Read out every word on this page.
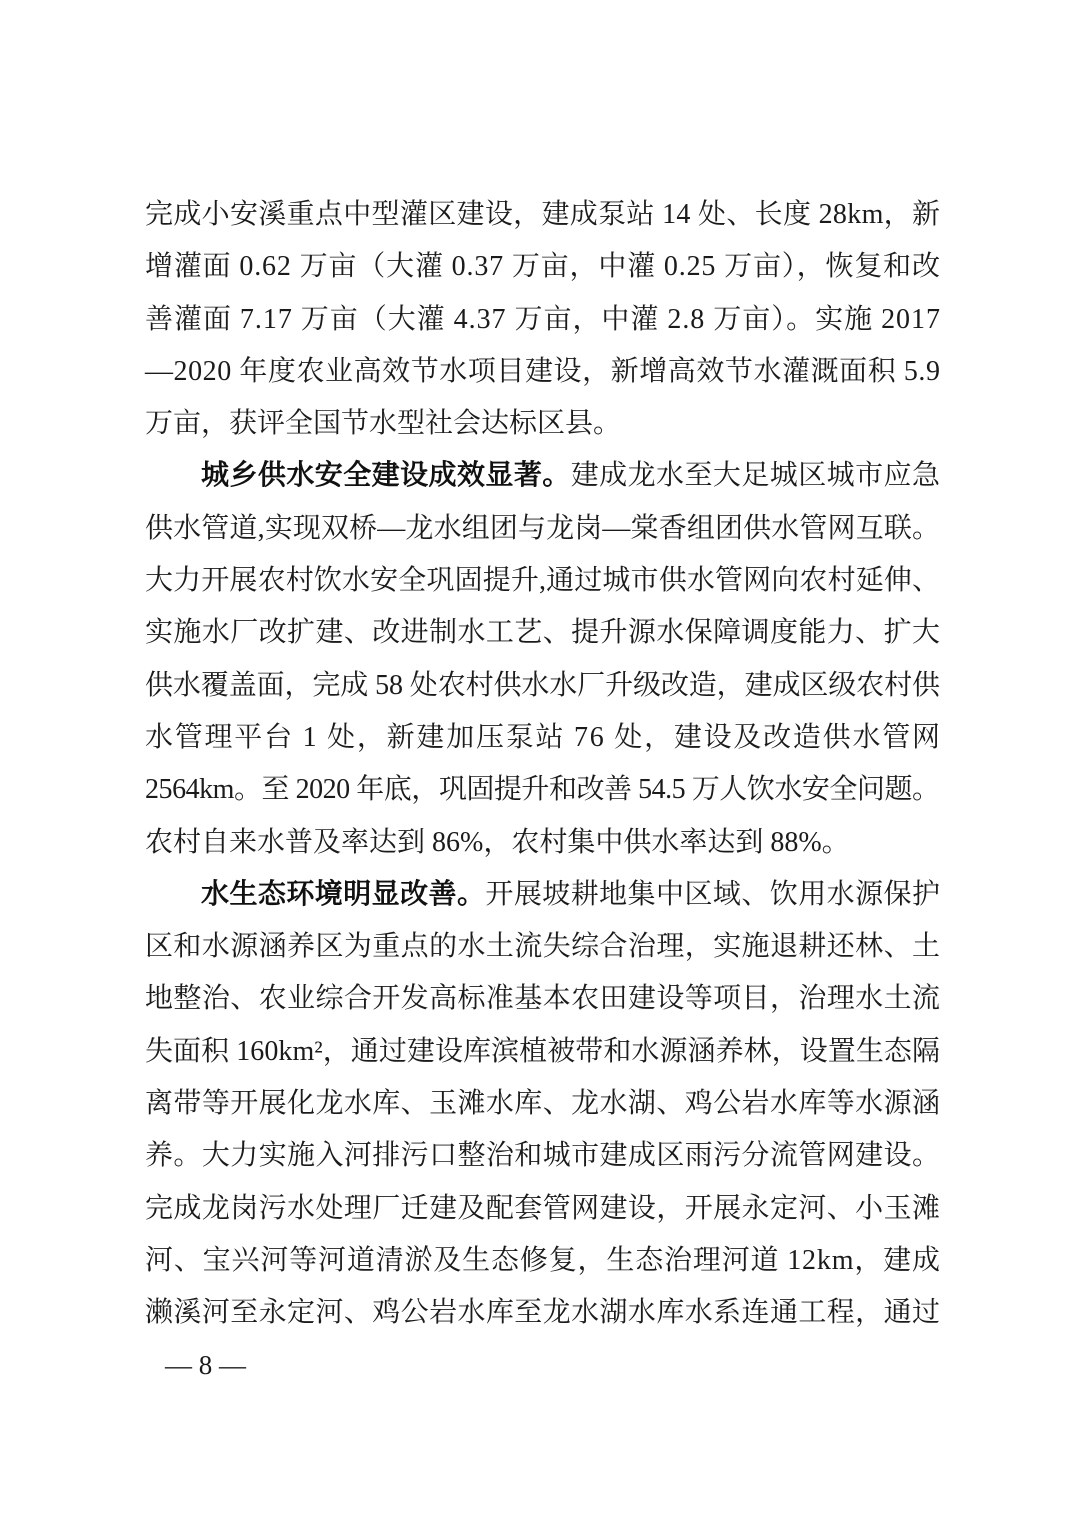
完成小安溪重点中型灌区建设，建成泵站 14 处、长度 28km，新
增灌面 0.62 万亩（大灌 0.37 万亩，中灌 0.25 万亩），恢复和改
善灌面 7.17 万亩（大灌 4.37 万亩，中灌 2.8 万亩）。实施 2017
—2020 年度农业高效节水项目建设，新增高效节水灌溉面积 5.9
万亩，获评全国节水型社会达标区县。
城乡供水安全建设成效显著。建成龙水至大足城区城市应急
供水管道,实现双桥—龙水组团与龙岗—棠香组团供水管网互联。
大力开展农村饮水安全巩固提升,通过城市供水管网向农村延伸、
实施水厂改扩建、改进制水工艺、提升源水保障调度能力、扩大
供水覆盖面，完成 58 处农村供水水厂升级改造，建成区级农村供
水管理平台 1 处，新建加压泵站 76 处，建设及改造供水管网
2564km。至 2020 年底，巩固提升和改善 54.5 万人饮水安全问题。
农村自来水普及率达到 86%，农村集中供水率达到 88%。
水生态环境明显改善。开展坡耕地集中区域、饮用水源保护
区和水源涵养区为重点的水土流失综合治理，实施退耕还林、土
地整治、农业综合开发高标准基本农田建设等项目，治理水土流
失面积 160km²，通过建设库滨植被带和水源涵养林，设置生态隔
离带等开展化龙水库、玉滩水库、龙水湖、鸡公岩水库等水源涵
养。大力实施入河排污口整治和城市建成区雨污分流管网建设。
完成龙岗污水处理厂迁建及配套管网建设，开展永定河、小玉滩
河、宝兴河等河道清淤及生态修复，生态治理河道 12km，建成
濑溪河至永定河、鸡公岩水库至龙水湖水库水系连通工程，通过
— 8 —
